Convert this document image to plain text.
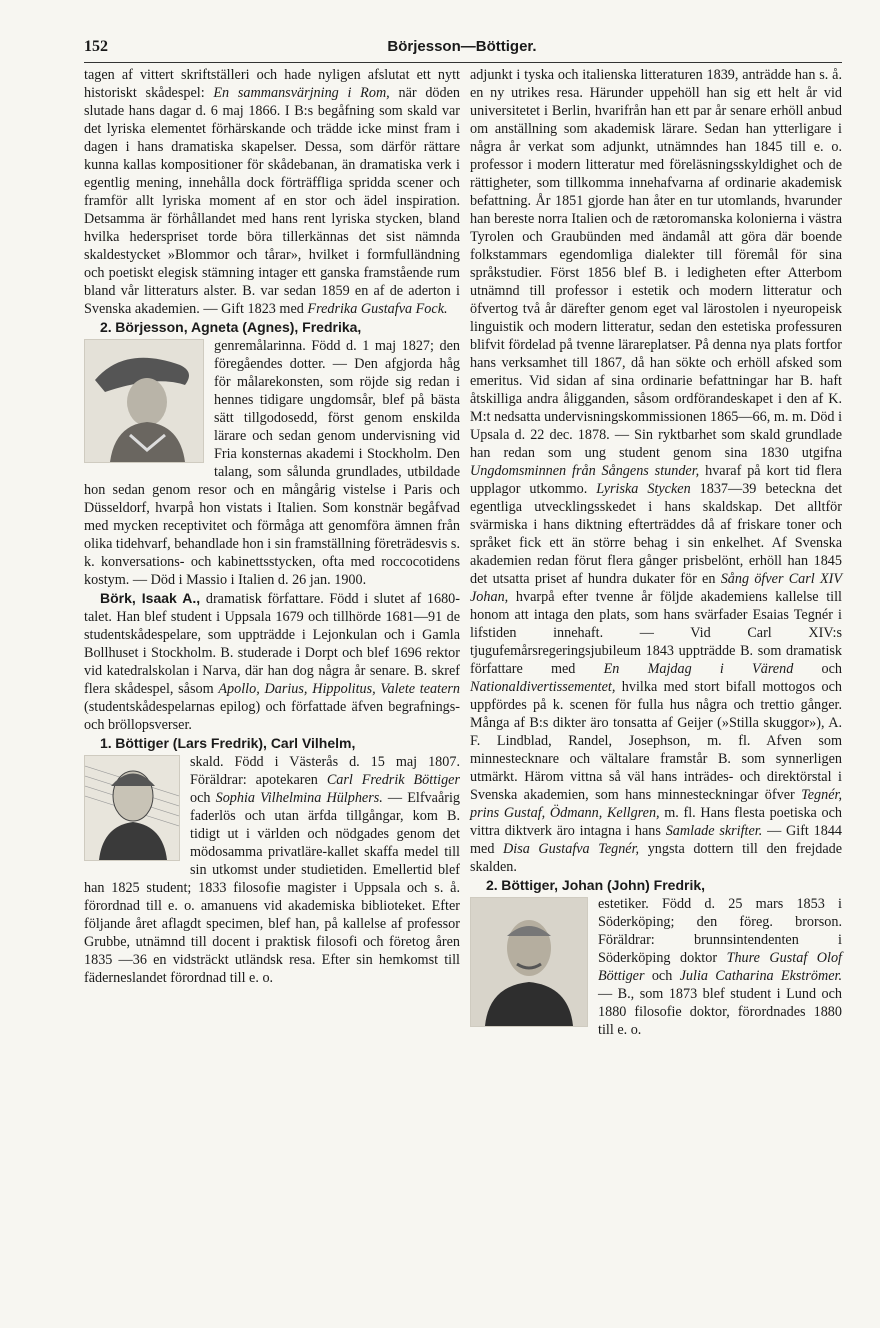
152	Börjesson—Böttiger.

tagen af vittert skriftställeri och hade nyligen afslutat ett nytt historiskt skådespel: En sammansvärjning i Rom, när döden slutade hans dagar d. 6 maj 1866. I B:s begåfning som skald var det lyriska elementet förhärskande och trädde icke minst fram i dagen i hans dramatiska skapelser. Dessa, som därför rättare kunna kallas kompositioner för skådebanan, än dramatiska verk i egentlig mening, innehålla dock förträffliga spridda scener och framför allt lyriska moment af en stor och ädel inspiration. Detsamma är förhållandet med hans rent lyriska stycken, bland hvilka hederspriset torde böra tillerkännas det sist nämnda skaldestycket »Blommor och tårar», hvilket i formfulländning och poetiskt elegisk stämning intager ett ganska framstående rum bland vår litteraturs alster. B. var sedan 1859 en af de aderton i Svenska akademien. — Gift 1823 med Fredrika Gustafva Fock.

2. Börjesson, Agneta (Agnes), Fredrika,

genremålarinna. Född d. 1 maj 1827; den föregåendes dotter. — Den afgjorda håg för målarekonsten, som röjde sig redan i hennes tidigare ungdomsår, blef på bästa sätt tillgodosedd, först genom enskilda lärare och sedan genom undervisning vid Fria konsternas akademi i Stockholm. Den talang, som sålunda grundlades, utbildade hon sedan genom resor och en mångårig vistelse i Paris och Düsseldorf, hvarpå hon vistats i Italien. Som konstnär begåfvad med mycken receptivitet och förmåga att genomföra ämnen från olika tidehvarf, behandlade hon i sin framställning företrädesvis s. k. konversations- och kabinettsstycken, ofta med roccocotidens kostym. — Död i Massio i Italien d. 26 jan. 1900.

Börk, Isaak A., dramatisk författare. Född i slutet af 1680-talet. Han blef student i Uppsala 1679 och tillhörde 1681—91 de studentskådespelare, som uppträdde i Lejonkulan och i Gamla Bollhuset i Stockholm. B. studerade i Dorpt och blef 1696 rektor vid katedralskolan i Narva, där han dog några år senare. B. skref flera skådespel, såsom Apollo, Darius, Hippolitus, Valete teatern (studentskådespelarnas epilog) och författade äfven begrafnings- och bröllopsverser.

1. Böttiger (Lars Fredrik), Carl Vilhelm,

skald. Född i Västerås d. 15 maj 1807. Föräldrar: apotekaren Carl Fredrik Böttiger och Sophia Vilhelmina Hülphers. — Elfvaårig faderlös och utan ärfda tillgångar, kom B. tidigt ut i världen och nödgades genom det mödosamma privatläre-kallet skaffa medel till sin utkomst under studietiden. Emellertid blef han 1825 student; 1833 filosofie magister i Uppsala och s. å. förordnad till e. o. amanuens vid akademiska biblioteket. Efter följande året aflagdt specimen, blef han, på kallelse af professor Grubbe, utnämnd till docent i praktisk filosofi och företog åren 1835 —36 en vidsträckt utländsk resa. Efter sin hemkomst till fäderneslandet förordnad till e. o.

adjunkt i tyska och italienska litteraturen 1839, anträdde han s. å. en ny utrikes resa. Härunder uppehöll han sig ett helt år vid universitetet i Berlin, hvarifrån han ett par år senare erhöll anbud om anställning som akademisk lärare. Sedan han ytterligare i några år verkat som adjunkt, utnämndes han 1845 till e. o. professor i modern litteratur med föreläsningsskyldighet och de rättigheter, som tillkomma innehafvarna af ordinarie akademisk befattning. År 1851 gjorde han åter en tur utomlands, hvarunder han bereste norra Italien och de rætoromanska kolonierna i västra Tyrolen och Graubünden med ändamål att göra där boende folkstammars egendomliga dialekter till föremål för sina språkstudier. Först 1856 blef B. i ledigheten efter Atterbom utnämnd till professor i estetik och modern litteratur och öfvertog två år därefter genom eget val lärostolen i nyeuropeisk linguistik och modern litteratur, sedan den estetiska professuren blifvit fördelad på tvenne lärareplatser. På denna nya plats fortfor hans verksamhet till 1867, då han sökte och erhöll afsked som emeritus. Vid sidan af sina ordinarie befattningar har B. haft åtskilliga andra åligganden, såsom ordförandeskapet i den af K. M:t nedsatta undervisningskommissionen 1865—66, m. m. Död i Upsala d. 22 dec. 1878. — Sin ryktbarhet som skald grundlade han redan som ung student genom sina 1830 utgifna Ungdomsminnen från Sångens stunder, hvaraf på kort tid flera upplagor utkommo. Lyriska Stycken 1837—39 beteckna det egentliga utvecklingsskedet i hans skaldskap. Det alltför svärmiska i hans diktning efterträddes då af friskare toner och språket fick ett än större behag i sin enkelhet. Af Svenska akademien redan förut flera gånger prisbelönt, erhöll han 1845 det utsatta priset af hundra dukater för en Sång öfver Carl XIV Johan, hvarpå efter tvenne år följde akademiens kallelse till honom att intaga den plats, som hans svärfader Esaias Tegnér i lifstiden innehaft. — Vid Carl XIV:s tjugufemårsregeringsjubileum 1843 uppträdde B. som dramatisk författare med En Majdag i Värend och Nationaldivertissementet, hvilka med stort bifall mottogos och uppfördes på k. scenen för fulla hus några och trettio gånger. Många af B:s dikter äro tonsatta af Geijer (»Stilla skuggor»), A. F. Lindblad, Randel, Josephson, m. fl. Afven som minnestecknare och vältalare framstår B. som synnerligen utmärkt. Härom vittna så väl hans inträdes- och direktörstal i Svenska akademien, som hans minnesteckningar öfver Tegnér, prins Gustaf, Ödmann, Kellgren, m. fl. Hans flesta poetiska och vittra diktverk äro intagna i hans Samlade skrifter. — Gift 1844 med Disa Gustafva Tegnér, yngsta dottern till den frejdade skalden.

2. Böttiger, Johan (John) Fredrik,

estetiker. Född d. 25 mars 1853 i Söderköping; den föreg. brorson. Föräldrar: brunnsintendenten i Söderköping doktor Thure Gustaf Olof Böttiger och Julia Catharina Ekströmer. — B., som 1873 blef student i Lund och 1880 filosofie doktor, förordnades 1880 till e. o.
